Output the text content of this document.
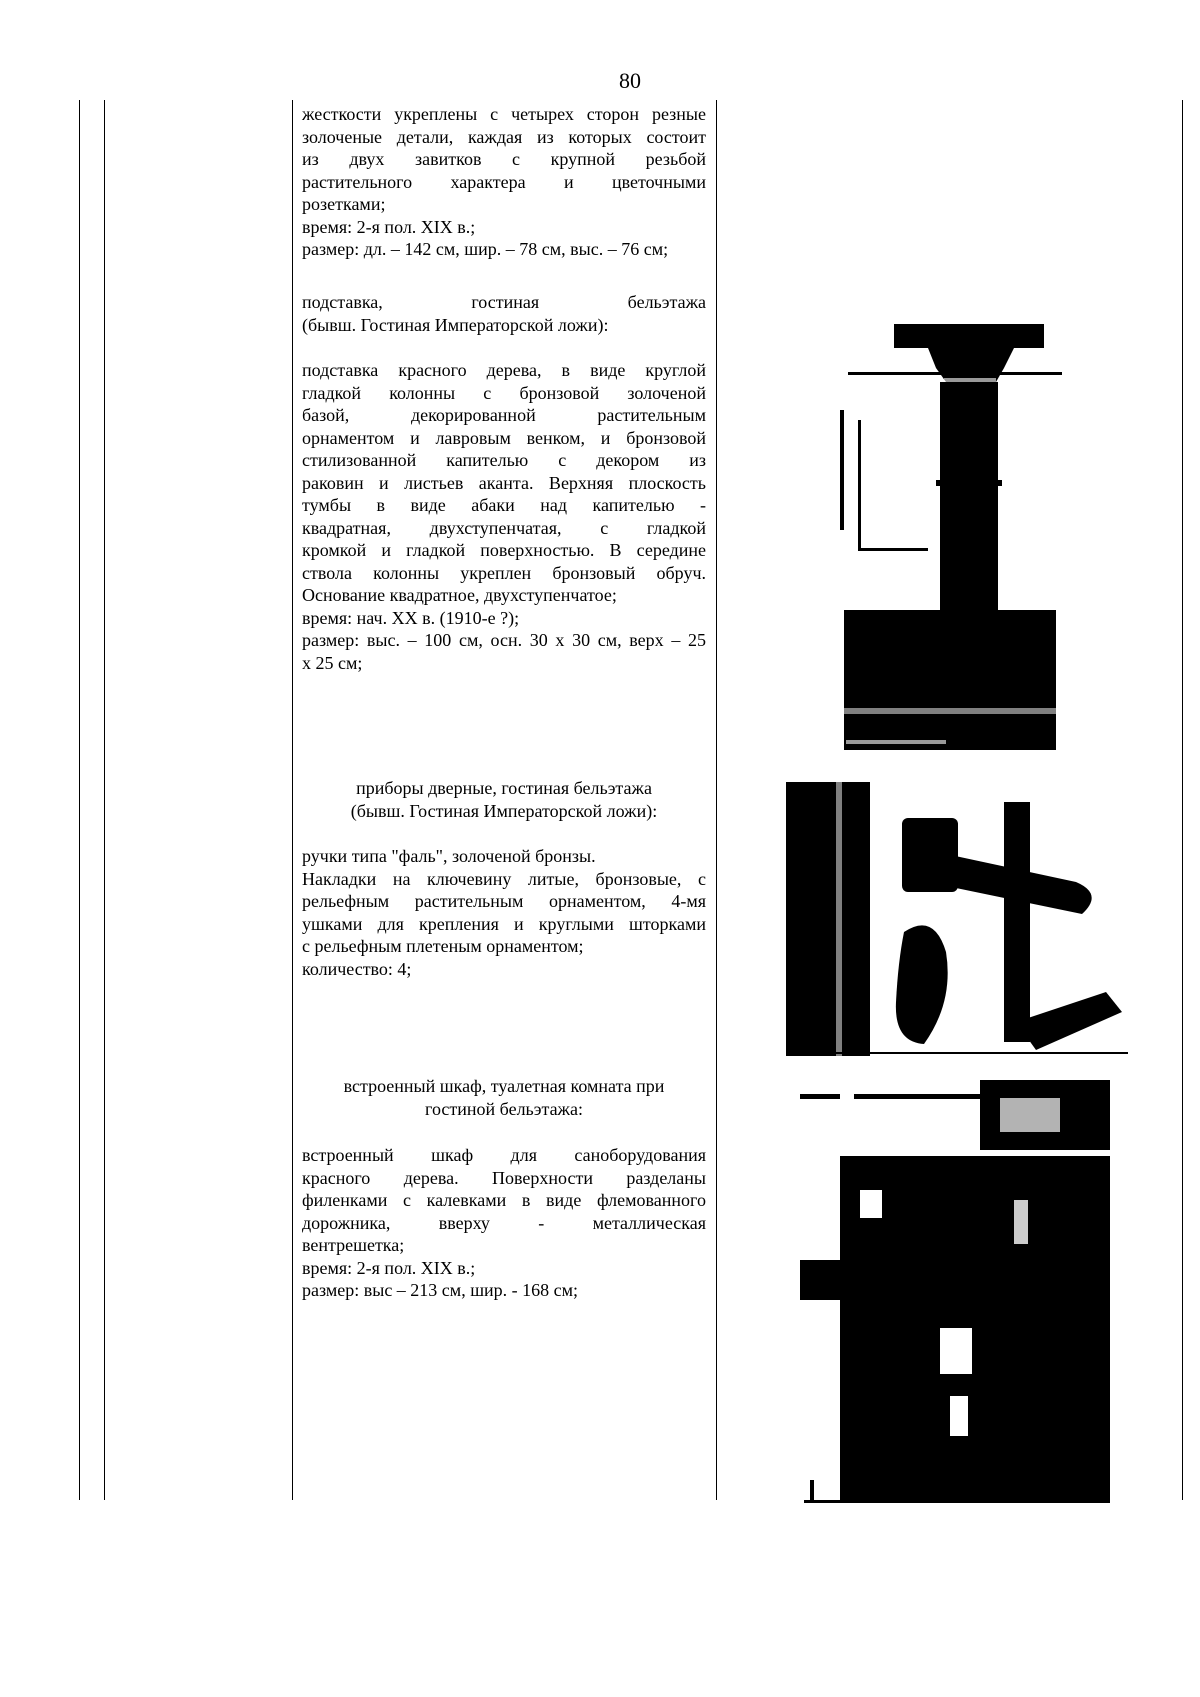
80
жесткости укреплены с четырех сторон резные
золоченые детали, каждая из которых состоит
из двух завитков с крупной резьбой
растительного характера и цветочными
розетками;
время: 2-я пол. XIX в.;
размер: дл. – 142 см, шир. – 78 см, выс. – 76 см;
подставка, гостиная бельэтажа
(бывш. Гостиная Императорской ложи):
подставка красного дерева, в виде круглой
гладкой колонны с бронзовой золоченой
базой, декорированной растительным
орнаментом и лавровым венком, и бронзовой
стилизованной капителью с декором из
раковин и листьев аканта. Верхняя плоскость
тумбы в виде абаки над капителью -
квадратная, двухступенчатая, с гладкой
кромкой и гладкой поверхностью. В середине
ствола колонны укреплен бронзовый обруч.
Основание квадратное, двухступенчатое;
время: нач. XX в. (1910-е ?);
размер: выс. – 100 см, осн. 30 х 30 см, верх – 25
х 25 см;
приборы дверные, гостиная бельэтажа
(бывш. Гостиная Императорской ложи):
ручки типа "фаль", золоченой бронзы.
Накладки на ключевину литые, бронзовые, с
рельефным растительным орнаментом, 4-мя
ушками для крепления и круглыми шторками
с рельефным плетеным орнаментом;
количество: 4;
встроенный шкаф, туалетная комната при
гостиной бельэтажа:
встроенный шкаф для саноборудования
красного дерева. Поверхности разделаны
филенками с калевками в виде флемованного
дорожника, вверху - металлическая
вентрешетка;
время: 2-я пол. XIX в.;
размер: выс – 213 см, шир. - 168 см;
